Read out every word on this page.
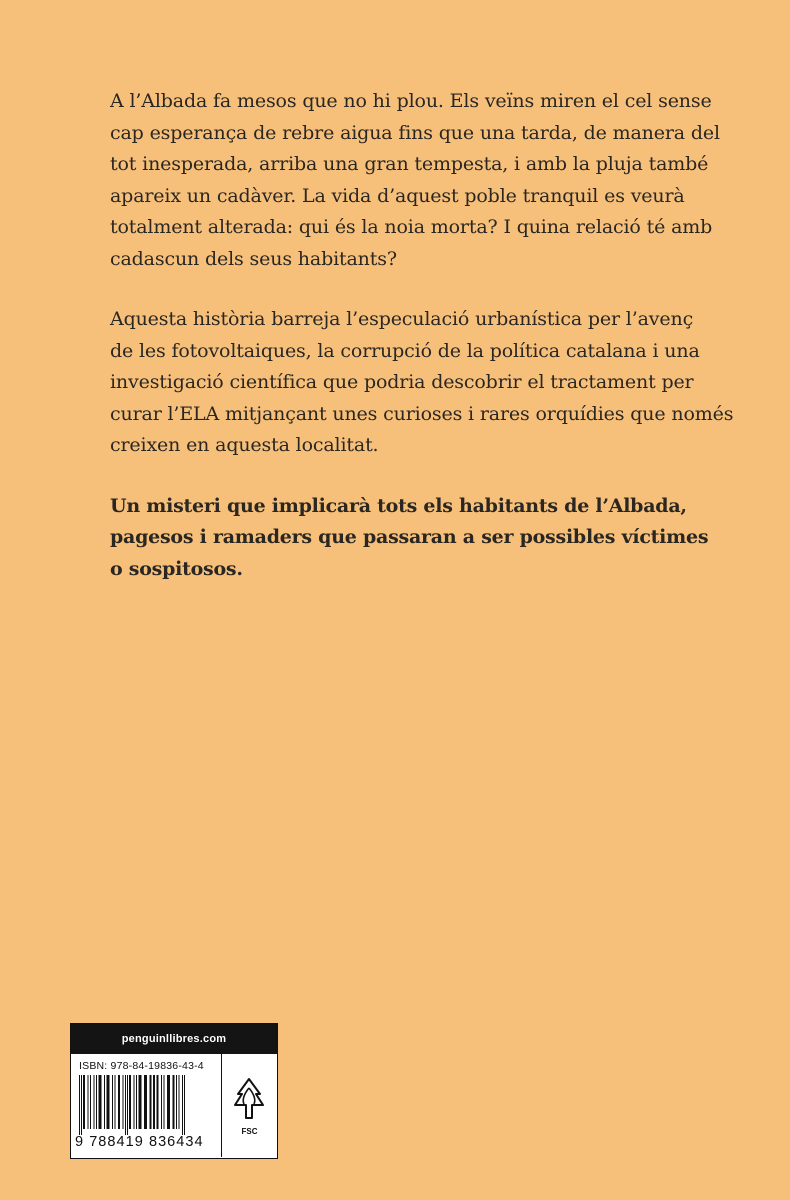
A l’Albada fa mesos que no hi plou. Els veïns miren el cel sense
cap esperança de rebre aigua fins que una tarda, de manera del
tot inesperada, arriba una gran tempesta, i amb la pluja també
apareix un cadàver. La vida d’aquest poble tranquil es veurà
totalment alterada: qui és la noia morta? I quina relació té amb
cadascun dels seus habitants?

Aquesta història barreja l’especulació urbanística per l’avenç
de les fotovoltaiques, la corrupció de la política catalana i una
investigació científica que podria descobrir el tractament per
curar l’ELA mitjançant unes curioses i rares orquídies que només
creixen en aquesta localitat.

Un misteri que implicarà tots els habitants de l’Albada,
pagesos i ramaders que passaran a ser possibles víctimes
o sospitosos.

penguinllibres.com
ISBN: 978-84-19836-43-4
9 788419 836434
FSC
